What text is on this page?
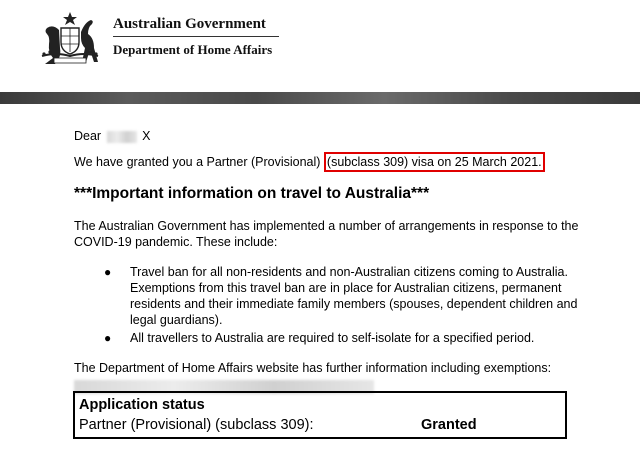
Australian Government
Department of Home Affairs
Dear	X
We have granted you a Partner (Provisional) (subclass 309) visa on 25 March 2021.
***Important information on travel to Australia***
The Australian Government has implemented a number of arrangements in response to the COVID-19 pandemic. These include:
● Travel ban for all non-residents and non-Australian citizens coming to Australia. Exemptions from this travel ban are in place for Australian citizens, permanent residents and their immediate family members (spouses, dependent children and legal guardians).
● All travellers to Australia are required to self-isolate for a specified period.
The Department of Home Affairs website has further information including exemptions:
Application status
Partner (Provisional) (subclass 309):	Granted
